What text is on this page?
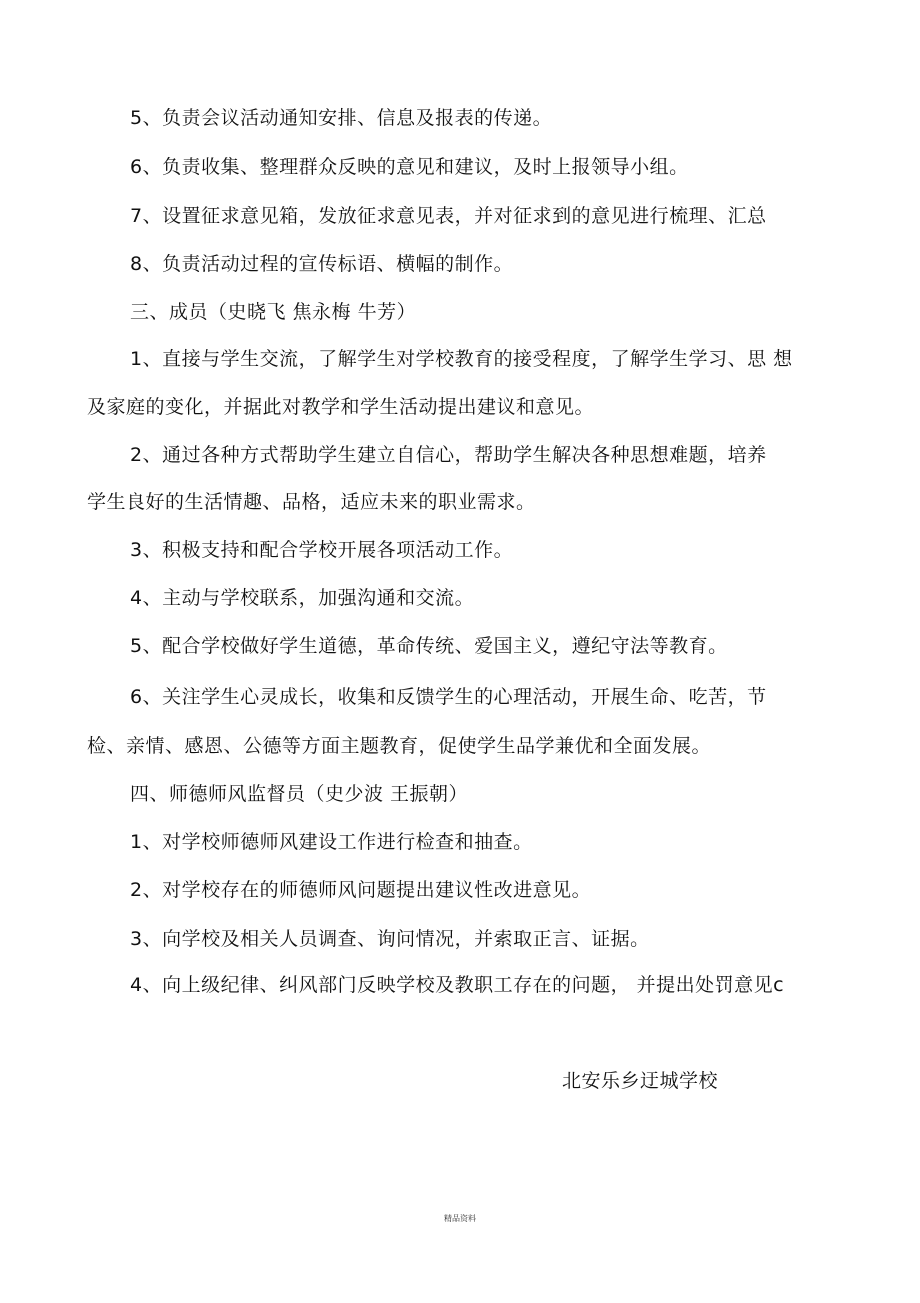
5、负责会议活动通知安排、信息及报表的传递。
6、负责收集、整理群众反映的意见和建议，及时上报领导小组。
7、设置征求意见箱，发放征求意见表，并对征求到的意见进行梳理、汇总
8、负责活动过程的宣传标语、横幅的制作。
三、成员（史晓飞 焦永梅 牛芳）
1、直接与学生交流，了解学生对学校教育的接受程度，了解学生学习、思 想
及家庭的变化，并据此对教学和学生活动提出建议和意见。
2、通过各种方式帮助学生建立自信心，帮助学生解决各种思想难题，培养
学生良好的生活情趣、品格，适应未来的职业需求。
3、积极支持和配合学校开展各项活动工作。
4、主动与学校联系，加强沟通和交流。
5、配合学校做好学生道德，革命传统、爱国主义，遵纪守法等教育。
6、关注学生心灵成长，收集和反馈学生的心理活动，开展生命、吃苦，节
检、亲情、感恩、公德等方面主题教育，促使学生品学兼优和全面发展。
四、师德师风监督员（史少波 王振朝）
1、对学校师德师风建设工作进行检查和抽查。
2、对学校存在的师德师风问题提出建议性改进意见。
3、向学校及相关人员调查、询问情况，并索取正言、证据。
4、向上级纪律、纠风部门反映学校及教职工存在的问题， 并提出处罚意见c
北安乐乡迂城学校
精品资料
